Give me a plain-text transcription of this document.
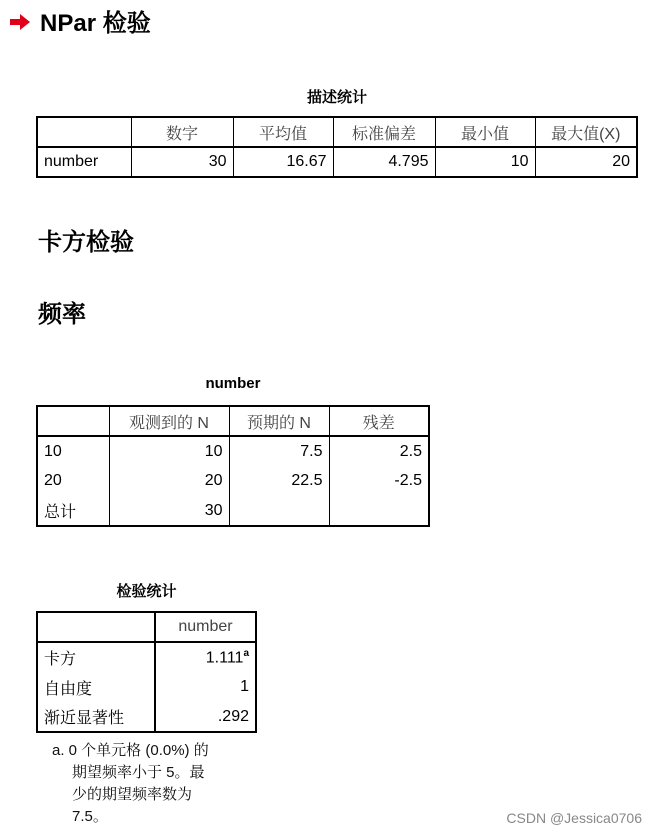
NPar 检验
描述统计
	数字	平均值	标准偏差	最小值	最大值(X)
number	30	16.67	4.795	10	20
卡方检验
频率
number
	观测到的 N	预期的 N	残差
10	10	7.5	2.5
20	20	22.5	-2.5
总计	30		
检验统计
	number
卡方	1.111$^a$
自由度	1
渐近显著性	.292
a. 0 个单元格 (0.0%) 的
期望频率小于 5。最
少的期望频率数为
7.5。	CSDN @Jessica0706
